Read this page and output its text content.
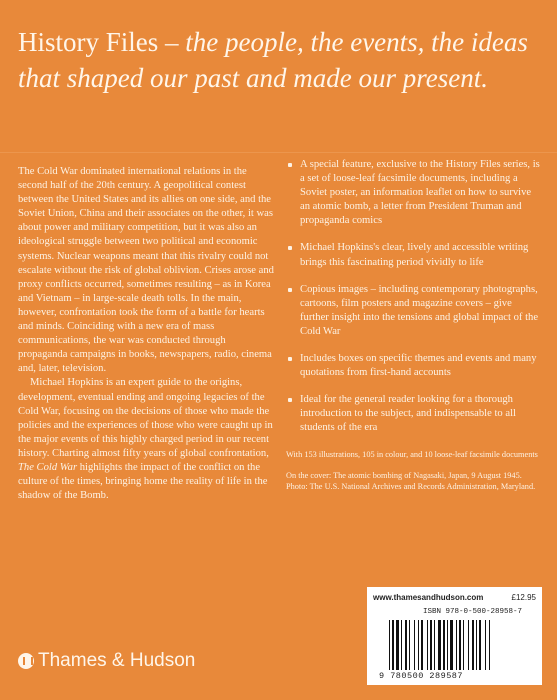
History Files – the people, the events, the ideas that shaped our past and made our present.

The Cold War dominated international relations in the second half of the 20th century. A geopolitical contest between the United States and its allies on one side, and the Soviet Union, China and their associates on the other, it was about power and military competition, but it was also an ideological struggle between two political and economic systems. Nuclear weapons meant that this rivalry could not escalate without the risk of global oblivion. Crises arose and proxy conflicts occurred, sometimes resulting – as in Korea and Vietnam – in large-scale death tolls. In the main, however, confrontation took the form of a battle for hearts and minds. Coinciding with a new era of mass communications, the war was conducted through propaganda campaigns in books, newspapers, radio, cinema and, later, television.

Michael Hopkins is an expert guide to the origins, development, eventual ending and ongoing legacies of the Cold War, focusing on the decisions of those who made the policies and the experiences of those who were caught up in the major events of this highly charged period in our recent history. Charting almost fifty years of global confrontation, The Cold War highlights the impact of the conflict on the culture of the times, bringing home the reality of life in the shadow of the Bomb.

A special feature, exclusive to the History Files series, is a set of loose-leaf facsimile documents, including a Soviet poster, an information leaflet on how to survive an atomic bomb, a letter from President Truman and propaganda comics
Michael Hopkins's clear, lively and accessible writing brings this fascinating period vividly to life
Copious images – including contemporary photographs, cartoons, film posters and magazine covers – give further insight into the tensions and global impact of the Cold War
Includes boxes on specific themes and events and many quotations from first-hand accounts
Ideal for the general reader looking for a thorough introduction to the subject, and indispensable to all students of the era

With 153 illustrations, 105 in colour, and 10 loose-leaf facsimile documents

On the cover: The atomic bombing of Nagasaki, Japan, 9 August 1945. Photo: The U.S. National Archives and Records Administration, Maryland.

www.thamesandhudson.com	£12.95
ISBN 978-0-500-28958-7
9 780500 289587
Thames & Hudson
